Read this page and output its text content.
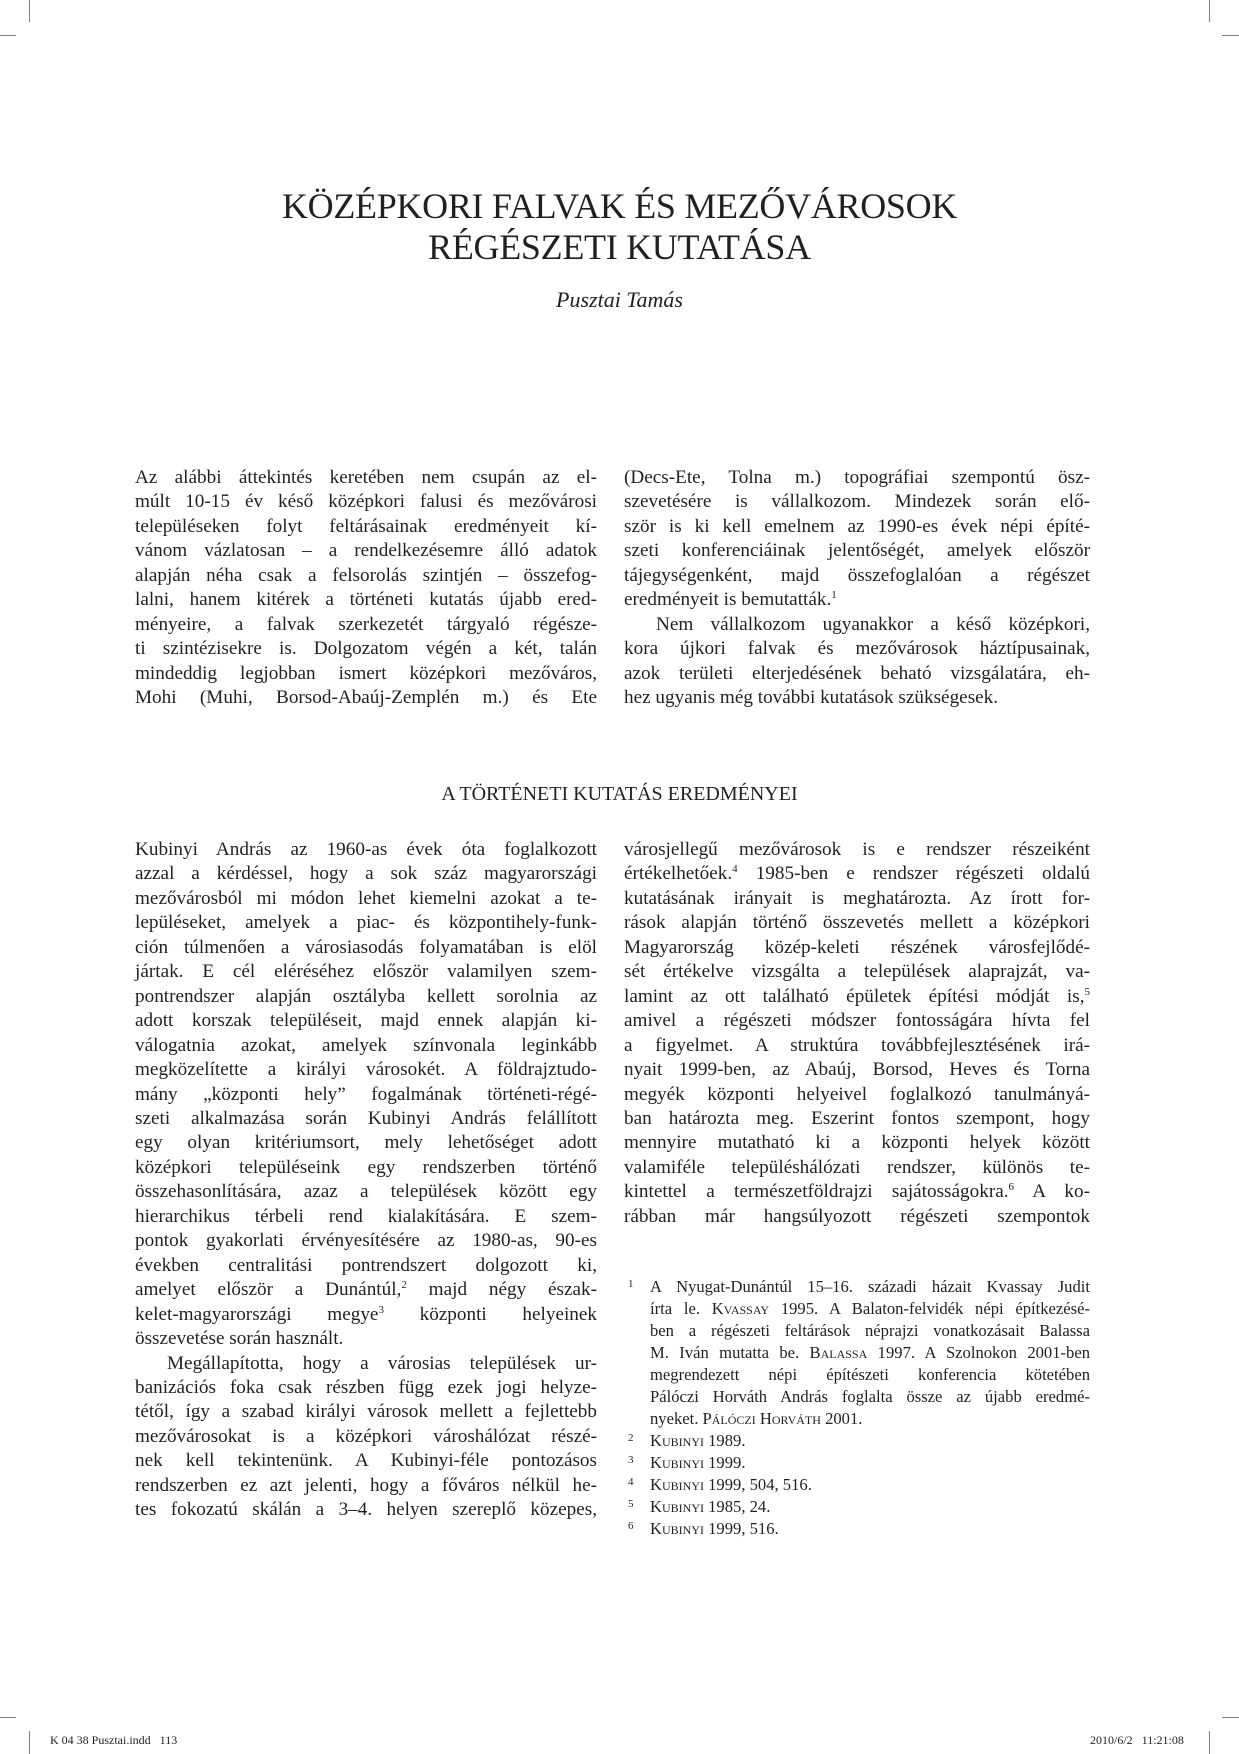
KÖZÉPKORI FALVAK ÉS MEZŐVÁROSOK
RÉGÉSZETI KUTATÁSA
Pusztai Tamás

Az alábbi áttekintés keretében nem csupán az el-
múlt 10-15 év késő középkori falusi és mezővárosi
településeken folyt feltárásainak eredményeit kí-
vánom vázlatosan – a rendelkezésemre álló adatok
alapján néha csak a felsorolás szintjén – összefog-
lalni, hanem kitérek a történeti kutatás újabb ered-
ményeire, a falvak szerkezetét tárgyaló régésze-
ti szintézisekre is. Dolgozatom végén a két, talán
mindeddig legjobban ismert középkori mezőváros,
Mohi (Muhi, Borsod-Abaúj-Zemplén m.) és Ete

(Decs-Ete, Tolna m.) topográfiai szempontú ösz-
szevetésére is vállalkozom. Mindezek során elő-
ször is ki kell emelnem az 1990-es évek népi építé-
szeti konferenciáinak jelentőségét, amelyek először
tájegységenként, majd összefoglalóan a régészet
eredményeit is bemutatták.$^1$

Nem vállalkozom ugyanakkor a késő középkori,
kora újkori falvak és mezővárosok háztípusainak,
azok területi elterjedésének beható vizsgálatára, eh-
hez ugyanis még további kutatások szükségesek.

A TÖRTÉNETI KUTATÁS EREDMÉNYEI

Kubinyi András az 1960-as évek óta foglalkozott
azzal a kérdéssel, hogy a sok száz magyarországi
mezővárosból mi módon lehet kiemelni azokat a te-
lepüléseket, amelyek a piac- és központihely-funk-
ción túlmenően a városiasodás folyamatában is elöl
jártak. E cél eléréséhez először valamilyen szem-
pontrendszer alapján osztályba kellett sorolnia az
adott korszak településeit, majd ennek alapján ki-
válogatnia azokat, amelyek színvonala leginkább
megközelítette a királyi városokét. A földrajztudo-
mány „központi hely” fogalmának történeti-régé-
szeti alkalmazása során Kubinyi András felállított
egy olyan kritériumsort, mely lehetőséget adott
középkori településeink egy rendszerben történő
összehasonlítására, azaz a települések között egy
hierarchikus térbeli rend kialakítására. E szem-
pontok gyakorlati érvényesítésére az 1980-as, 90-es
években centralitási pontrendszert dolgozott ki,
amelyet először a Dunántúl,$^2$ majd négy észak-
kelet-magyarországi megye$^3$ központi helyeinek
összevetése során használt.

Megállapította, hogy a városias települések ur-
banizációs foka csak részben függ ezek jogi helyze-
tétől, így a szabad királyi városok mellett a fejlettebb
mezővárosokat is a középkori városhálózat részé-
nek kell tekintenünk. A Kubinyi-féle pontozásos
rendszerben ez azt jelenti, hogy a főváros nélkül he-
tes fokozatú skálán a 3–4. helyen szereplő közepes,

városjellegű mezővárosok is e rendszer részeiként
értékelhetőek.$^4$ 1985-ben e rendszer régészeti oldalú
kutatásának irányait is meghatározta. Az írott for-
rások alapján történő összevetés mellett a középkori
Magyarország közép-keleti részének városfejlődé-
sét értékelve vizsgálta a települések alaprajzát, va-
lamint az ott található épületek építési módját is,$^5$
amivel a régészeti módszer fontosságára hívta fel
a figyelmet. A struktúra továbbfejlesztésének irá-
nyait 1999-ben, az Abaúj, Borsod, Heves és Torna
megyék központi helyeivel foglalkozó tanulmányá-
ban határozta meg. Eszerint fontos szempont, hogy
mennyire mutatható ki a központi helyek között
valamiféle településhálózati rendszer, különös te-
kintettel a természetföldrajzi sajátosságokra.$^6$ A ko-
rábban már hangsúlyozott régészeti szempontok

1 A Nyugat-Dunántúl 15–16. századi házait Kvassay Judit
írta le. Kvassay 1995. A Balaton-felvidék népi építkezésé-
ben a régészeti feltárások néprajzi vonatkozásait Balassa
M. Iván mutatta be. Balassa 1997. A Szolnokon 2001-ben
megrendezett népi építészeti konferencia kötetében
Pálóczi Horváth András foglalta össze az újabb eredmé-
nyeket. Pálóczi Horváth 2001.
2 Kubinyi 1989.
3 Kubinyi 1999.
4 Kubinyi 1999, 504, 516.
5 Kubinyi 1985, 24.
6 Kubinyi 1999, 516.
K 04 38 Pusztai.indd   113	2010/6/2   11:21:08
